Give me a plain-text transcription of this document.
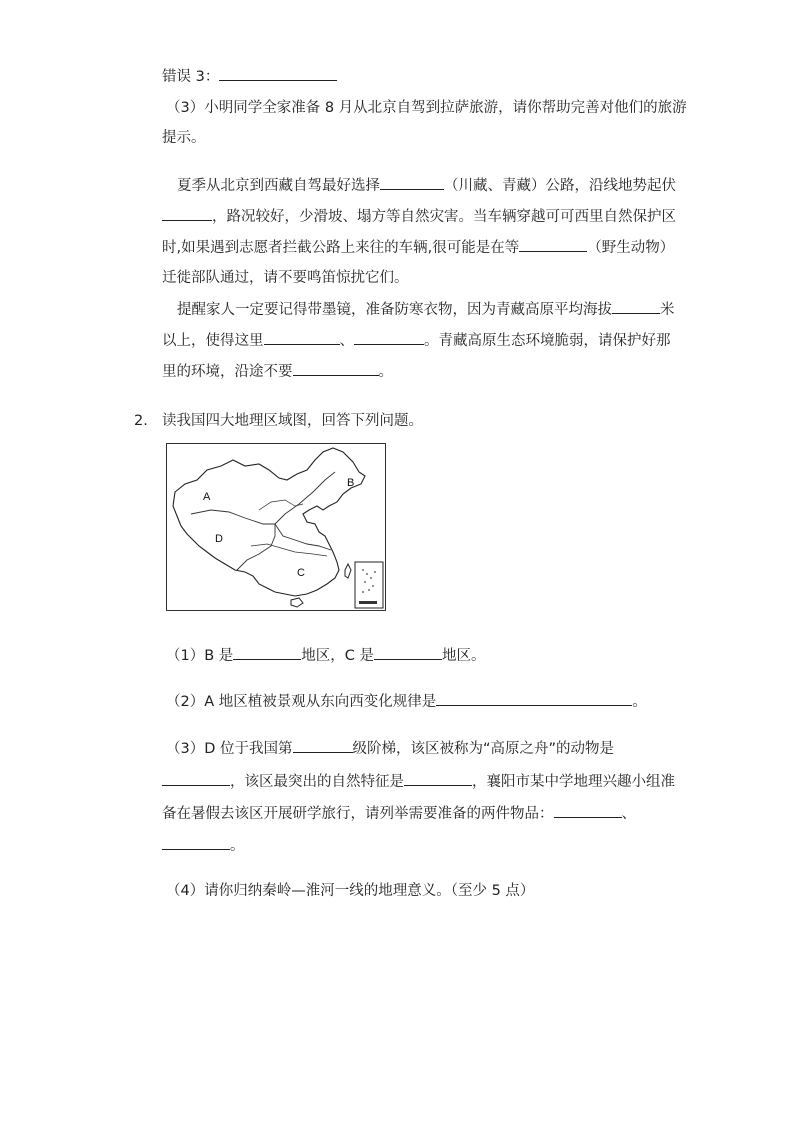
错误 3：
（3）小明同学全家准备 8 月从北京自驾到拉萨旅游，请你帮助完善对他们的旅游
提示。
夏季从北京到西藏自驾最好选择	（川藏、青藏）公路，沿线地势起伏
，路况较好，少滑坡、塌方等自然灾害。当车辆穿越可可西里自然保护区
时,如果遇到志愿者拦截公路上来往的车辆,很可能是在等	（野生动物）
迁徙部队通过，请不要鸣笛惊扰它们。
提醒家人一定要记得带墨镜，准备防寒衣物，因为青藏高原平均海拔	米
以上，使得这里	、	。青藏高原生态环境脆弱，请保护好那
里的环境，沿途不要	。
2. 读我国四大地理区域图，回答下列问题。
A
B
C
D
（1）B 是	地区，C 是	地区。
（2）A 地区植被景观从东向西变化规律是	。
（3）D 位于我国第	级阶梯，该区被称为“高原之舟”的动物是
，该区最突出的自然特征是	，襄阳市某中学地理兴趣小组准
备在暑假去该区开展研学旅行，请列举需要准备的两件物品：	、
。
（4）请你归纳秦岭—淮河一线的地理意义。（至少 5 点）
